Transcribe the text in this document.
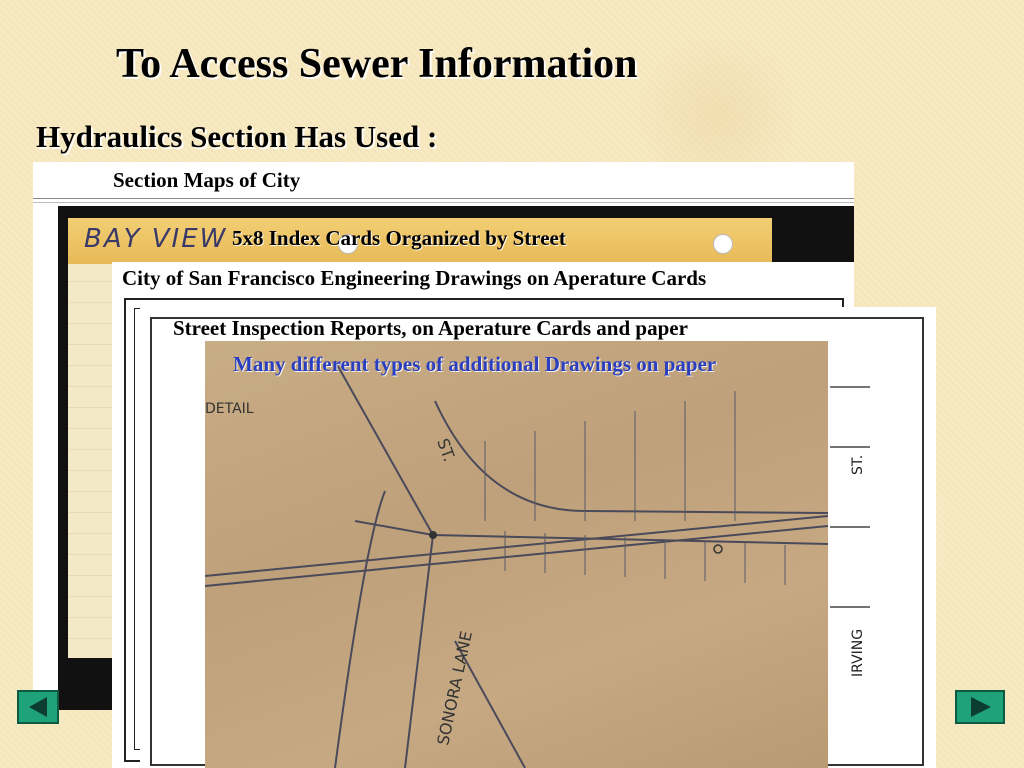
To Access Sewer Information
Hydraulics Section Has Used :
Section Maps of City
BAY VIEW 5x8 Index Cards Organized by Street
City of San Francisco Engineering Drawings on Aperature Cards
ST.
IRVING
Street Inspection Reports, on Aperature Cards and paper
ST.
SONORA LANE
DETAIL
Many different types of additional Drawings on paper
